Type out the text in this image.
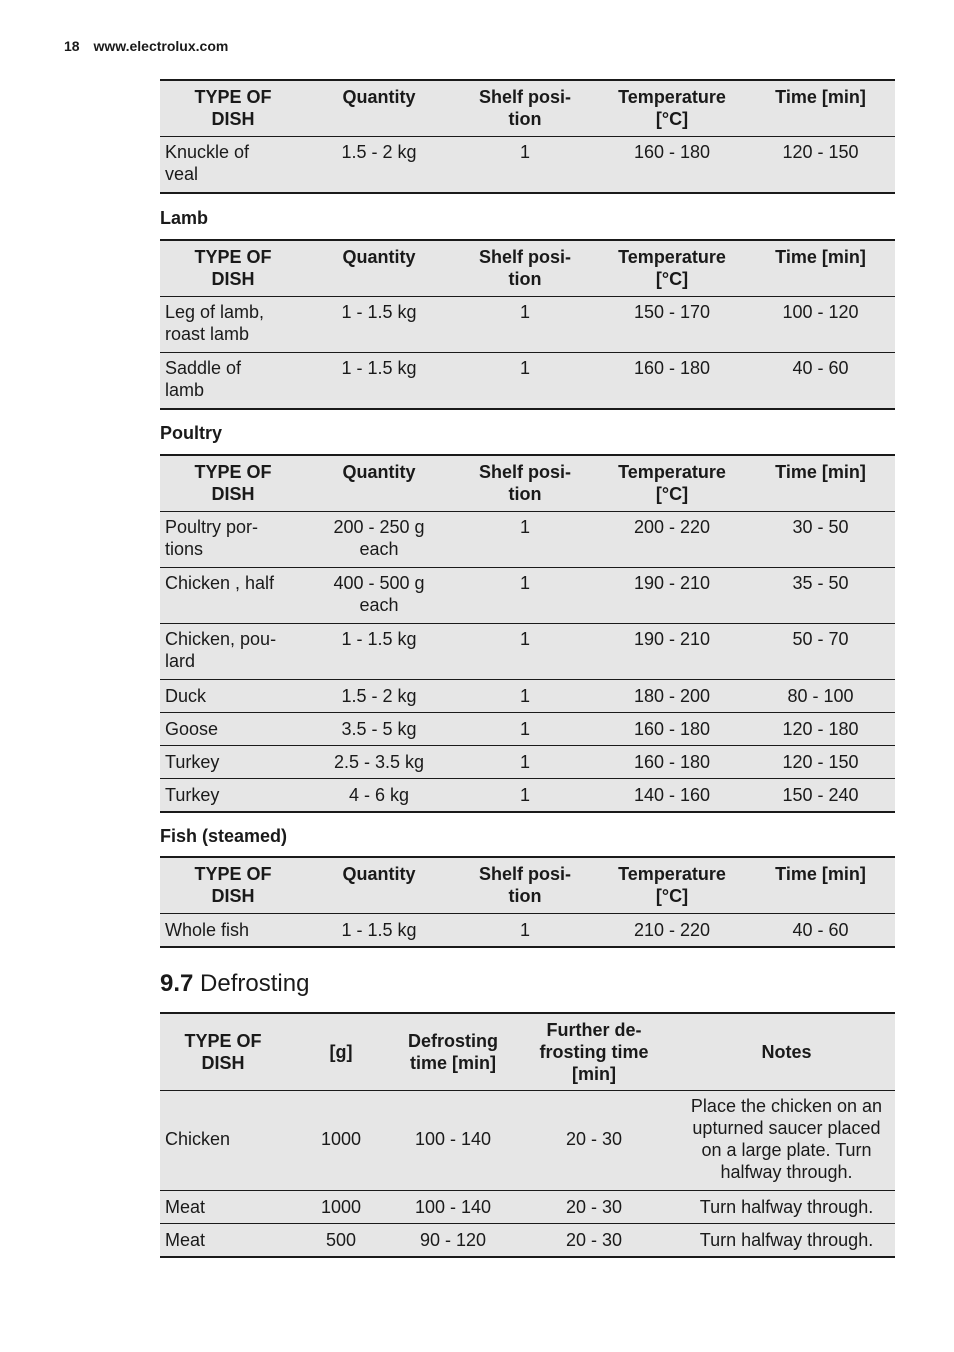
18 www.electrolux.com
TYPE OF DISH	Quantity	Shelf posi-tion	Temperature [°C]	Time [min]
Knuckle of veal	1.5 - 2 kg	1	160 - 180	120 - 150
Lamb
TYPE OF DISH	Quantity	Shelf posi-tion	Temperature [°C]	Time [min]
Leg of lamb, roast lamb	1 - 1.5 kg	1	150 - 170	100 - 120
Saddle of lamb	1 - 1.5 kg	1	160 - 180	40 - 60
Poultry
TYPE OF DISH	Quantity	Shelf posi-tion	Temperature [°C]	Time [min]
Poultry por-tions	200 - 250 g each	1	200 - 220	30 - 50
Chicken , half	400 - 500 g each	1	190 - 210	35 - 50
Chicken, pou-lard	1 - 1.5 kg	1	190 - 210	50 - 70
Duck	1.5 - 2 kg	1	180 - 200	80 - 100
Goose	3.5 - 5 kg	1	160 - 180	120 - 180
Turkey	2.5 - 3.5 kg	1	160 - 180	120 - 150
Turkey	4 - 6 kg	1	140 - 160	150 - 240
Fish (steamed)
TYPE OF DISH	Quantity	Shelf posi-tion	Temperature [°C]	Time [min]
Whole fish	1 - 1.5 kg	1	210 - 220	40 - 60
9.7 Defrosting
TYPE OF DISH	[g]	Defrosting time [min]	Further de-frosting time [min]	Notes
Chicken	1000	100 - 140	20 - 30	Place the chicken on an upturned saucer placed on a large plate. Turn halfway through.
Meat	1000	100 - 140	20 - 30	Turn halfway through.
Meat	500	90 - 120	20 - 30	Turn halfway through.
